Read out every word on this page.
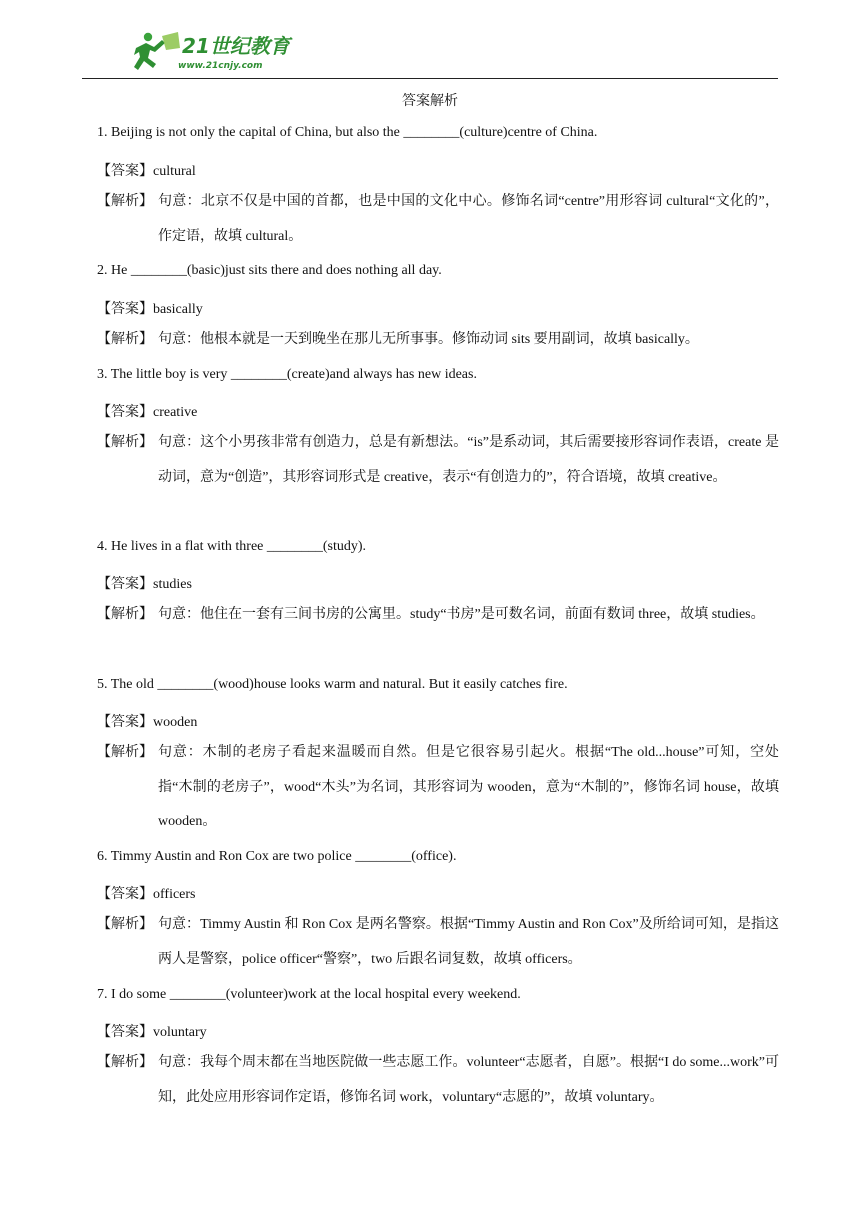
21世纪教育
www.21cnjy.com
答案解析
1. Beijing is not only the capital of China, but also the ________(culture)centre of China.
【答案】cultural
【解析】 句意：北京不仅是中国的首都，也是中国的文化中心。修饰名词“centre”用形容词 cultural“文化的”，作定语，故填 cultural。
2. He ________(basic)just sits there and does nothing all day.
【答案】basically
【解析】 句意：他根本就是一天到晚坐在那儿无所事事。修饰动词 sits 要用副词，故填 basically。
3. The little boy is very ________(create)and always has new ideas.
【答案】creative
【解析】 句意：这个小男孩非常有创造力，总是有新想法。“is”是系动词，其后需要接形容词作表语，create 是动词，意为“创造”，其形容词形式是 creative，表示“有创造力的”，符合语境，故填 creative。
4. He lives in a flat with three ________(study).
【答案】studies
【解析】 句意：他住在一套有三间书房的公寓里。study“书房”是可数名词，前面有数词 three，故填 studies。
5. The old ________(wood)house looks warm and natural. But it easily catches fire.
【答案】wooden
【解析】 句意：木制的老房子看起来温暖而自然。但是它很容易引起火。根据“The old...house”可知，空处指“木制的老房子”，wood“木头”为名词，其形容词为 wooden，意为“木制的”，修饰名词 house，故填 wooden。
6. Timmy Austin and Ron Cox are two police ________(office).
【答案】officers
【解析】 句意：Timmy Austin 和 Ron Cox 是两名警察。根据“Timmy Austin and Ron Cox”及所给词可知，是指这两人是警察，police officer“警察”，two 后跟名词复数，故填 officers。
7. I do some ________(volunteer)work at the local hospital every weekend.
【答案】voluntary
【解析】 句意：我每个周末都在当地医院做一些志愿工作。volunteer“志愿者，自愿”。根据“I do some...work”可知，此处应用形容词作定语，修饰名词 work，voluntary“志愿的”，故填 voluntary。
